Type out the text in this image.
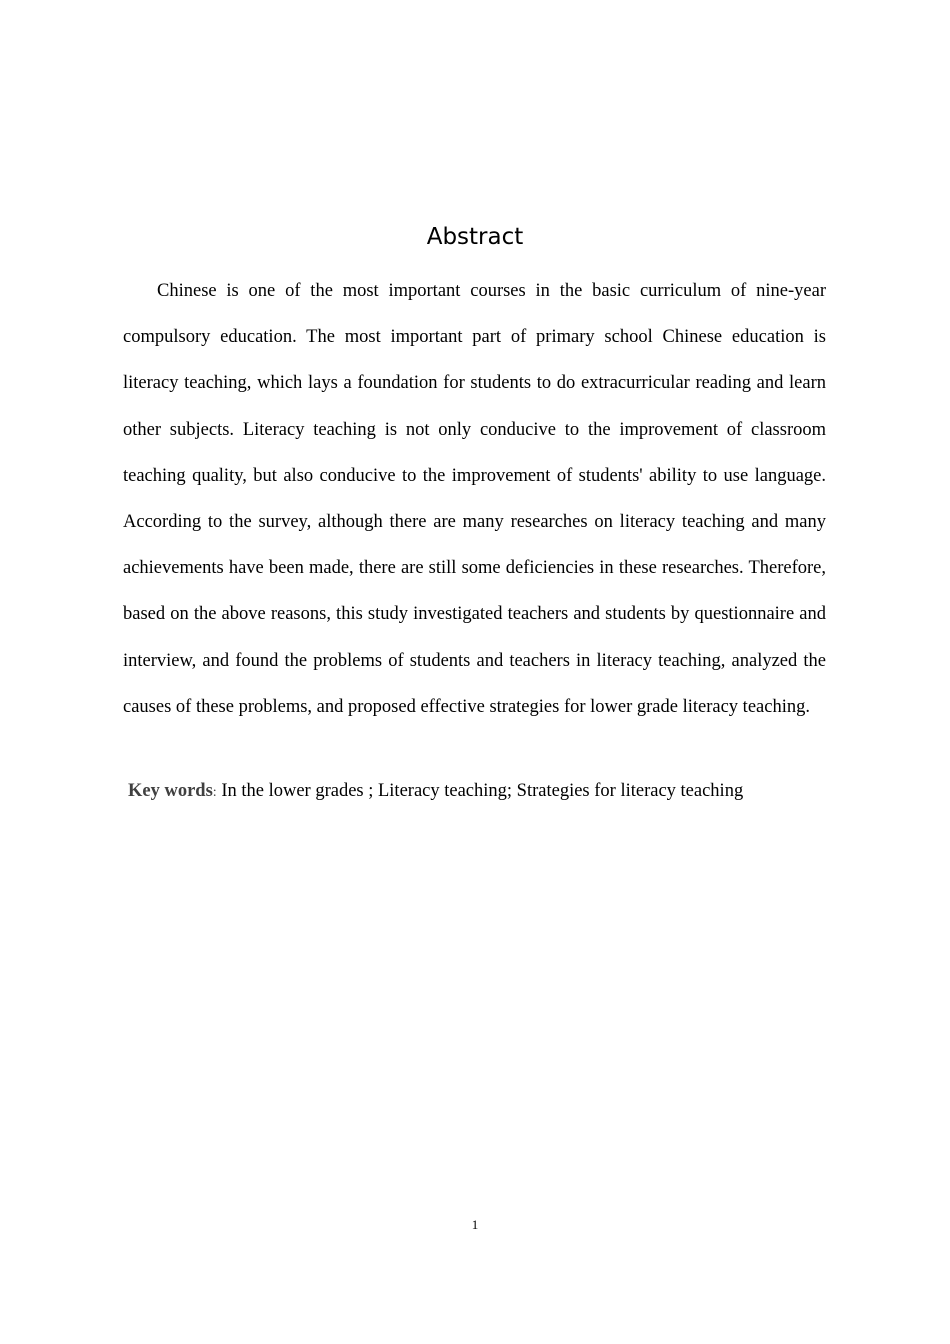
Abstract

Chinese is one of the most important courses in the basic curriculum of nine-year compulsory education. The most important part of primary school Chinese education is literacy teaching, which lays a foundation for students to do extracurricular reading and learn other subjects. Literacy teaching is not only conducive to the improvement of classroom teaching quality, but also conducive to the improvement of students' ability to use language. According to the survey, although there are many researches on literacy teaching and many achievements have been made, there are still some deficiencies in these researches. Therefore, based on the above reasons, this study investigated teachers and students by questionnaire and interview, and found the problems of students and teachers in literacy teaching, analyzed the causes of these problems, and proposed effective strategies for lower grade literacy teaching.

Key words: In the lower grades ; Literacy teaching; Strategies for literacy teaching
1
